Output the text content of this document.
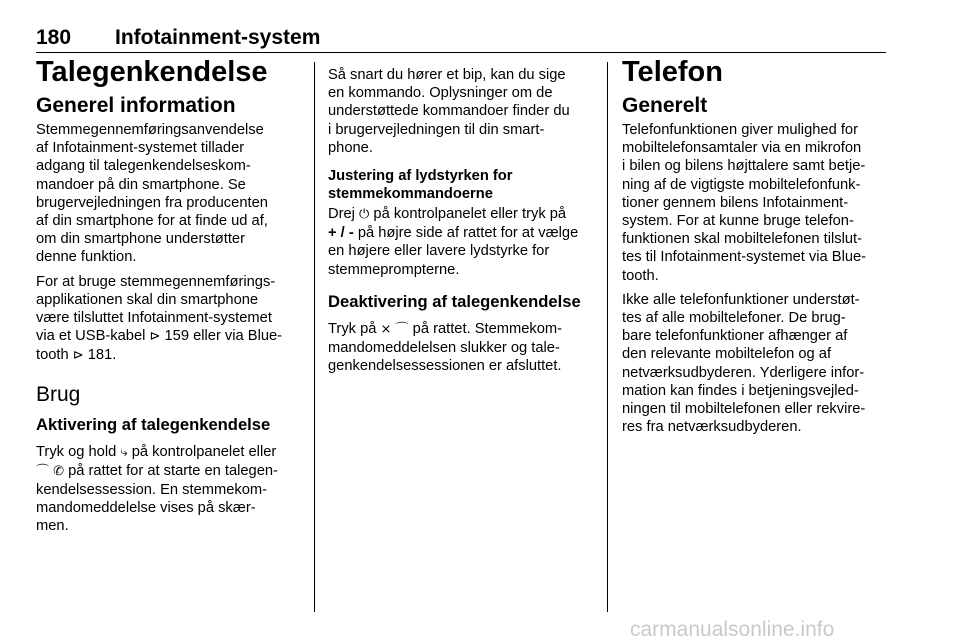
180 Infotainment-system
Talegenkendelse
Generel information
Stemmegennemføringsanvendelse
af Infotainment-systemet tillader
adgang til talegenkendelseskom-
mandoer på din smartphone. Se
brugervejledningen fra producenten
af din smartphone for at finde ud af,
om din smartphone understøtter
denne funktion.
For at bruge stemmegennemførings-
applikationen skal din smartphone
være tilsluttet Infotainment-systemet
via et USB-kabel ⊳ 159 eller via Blue-
tooth ⊳ 181.
Brug
Aktivering af talegenkendelse
Tryk og hold ⤷ på kontrolpanelet eller
⌒ ✆ på rattet for at starte en talegen-
kendelsessession. En stemmekom-
mandomeddelelse vises på skær-
men.
Så snart du hører et bip, kan du sige
en kommando. Oplysninger om de
understøttede kommandoer finder du
i brugervejledningen til din smart-
phone.
Justering af lydstyrken for
stemmekommandoerne
Drej ⏻ på kontrolpanelet eller tryk på
+ / - på højre side af rattet for at vælge
en højere eller lavere lydstyrke for
stemmeprompterne.
Deaktivering af talegenkendelse
Tryk på ⨯ ⌒ på rattet. Stemmekom-
mandomeddelelsen slukker og tale-
genkendelsessessionen er afsluttet.
Telefon
Generelt
Telefonfunktionen giver mulighed for
mobiltelefonsamtaler via en mikrofon
i bilen og bilens højttalere samt betje-
ning af de vigtigste mobiltelefonfunk-
tioner gennem bilens Infotainment-
system. For at kunne bruge telefon-
funktionen skal mobiltelefonen tilslut-
tes til Infotainment-systemet via Blue-
tooth.
Ikke alle telefonfunktioner understøt-
tes af alle mobiltelefoner. De brug-
bare telefonfunktioner afhænger af
den relevante mobiltelefon og af
netværksudbyderen. Yderligere infor-
mation kan findes i betjeningsvejled-
ningen til mobiltelefonen eller rekvire-
res fra netværksudbyderen.
carmanualsonline.info
